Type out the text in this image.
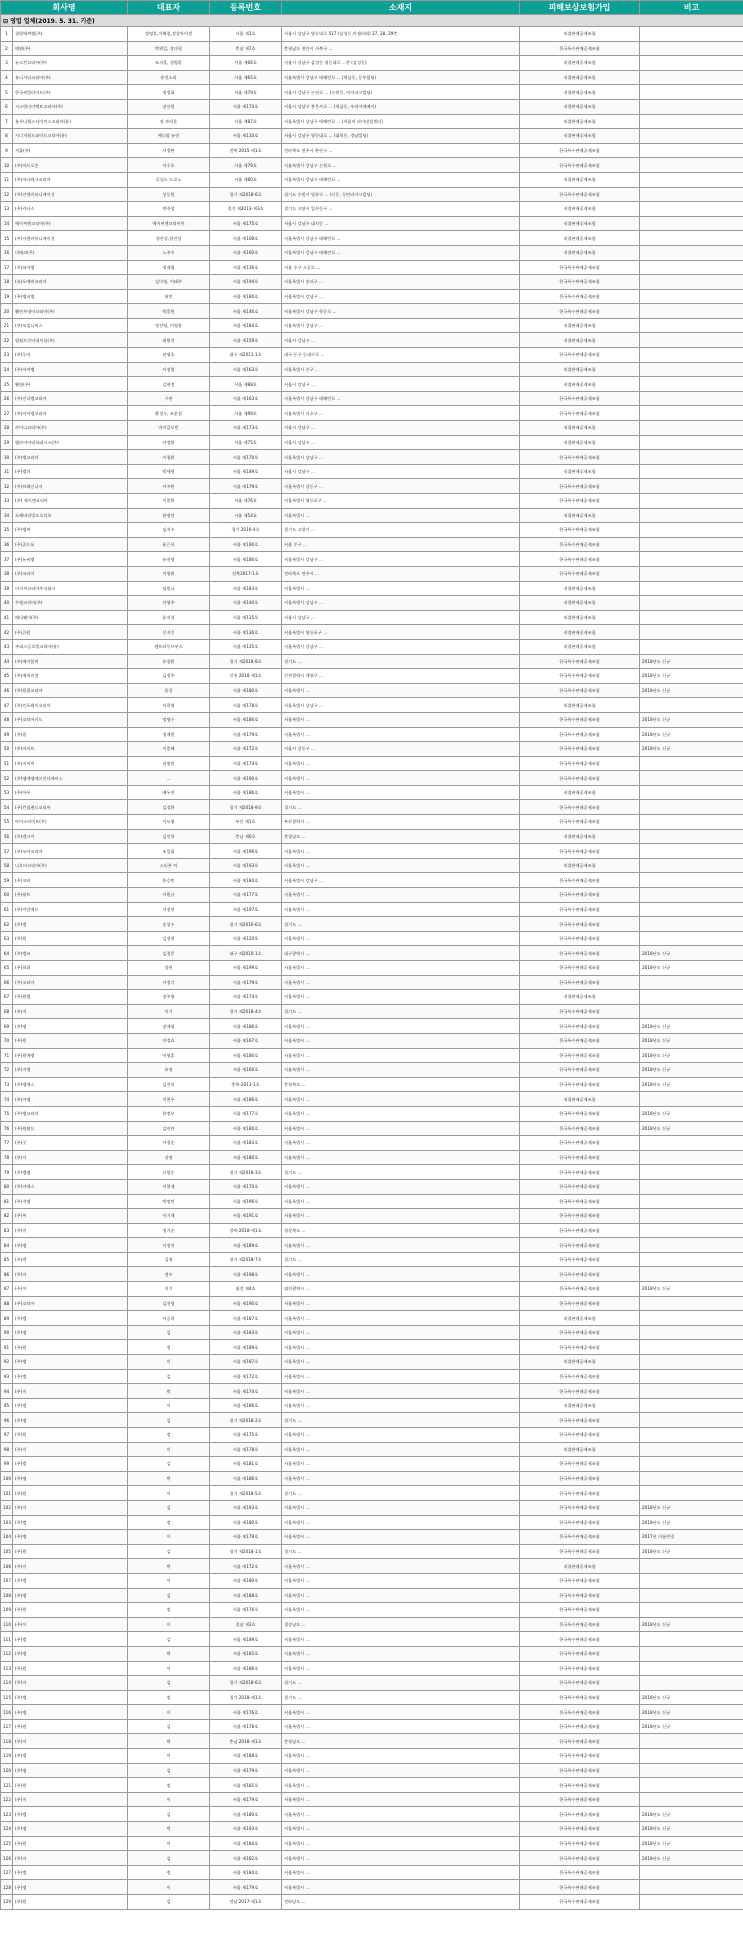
회사명		대표자	등록번호	소재지	피해보상보험가입	비고
⊟ 영업 업체(2019. 5. 31. 기준)						
1	청원애씨엠(주)	정명훈,이해철,정상아이센	서울 제1호	서울시 강남구 영동대로 517 (삼성동,아셈타워) 27, 28, 29층	직접판매공제조합	
2	애원(주)	박원일, 장다원	충남 제7호	충청남도 천안시 서북구 ...	한국특수판매공제조합	
3	뉴스킨코리아(주)	조지훈, 정영훈	서울 제66호	서울시 강남구 삼성동 영동대로 ...층 (삼성동)	직접판매공제조합	
4	유니시티코리아(주)	홍진소리	서울 제65호	서울특별시 강남구 테헤란로 ... (역삼동, 동우빌딩)	직접판매공제조합	
5	한국허벌라이프(주)	정정회	서울 제79호	서울시 강남구 논현로 ... (논현동, 아이파크빌딩)	직접판매공제조합	
6	시크릿다이렉트코리아(주)	장인원	서울 제174호	서울시 강남구 봉은사로 ... (역삼동, 우리이에메이)	직접판매공제조합	
7	유사나헬스사이언스코리아(유)	장 브라운	서울 제87호	서울특별시 강남구 테헤란로 ... (서울이 파이낸셜센터)	직접판매공제조합	
8	시너지월드와이드코리아(유)	에너렇 뉴먼	서울 제110호	서울시 강남구 영동대로 ... (대치동, 경남빌딩)	직접판매공제조합	
9	지쿱(주)	서정완	전북 2015-제1호	전라북도 전주시 완산구 ...	한국특수판매공제조합	
10	(주)아프로존	이수호	서울 제79호	서울특별시 강남구 논현로 ...	한국특수판매공제조합	
11	(주)마나테크코리아	로널드 드로노	서울 제80호	서울특별시 강남구 테헤란로 ...	직접판매공제조합	
12	(주)인앤커뮤니케이션	성동원	경기 제2018-6호	경기도 수원시 영통구 ... (신동, 동탄라이크빌딩)	한국특수판매공제조합	
13	(주)카타스	박주섭	경기 제2013-제3호	경기도 고양시 일산동구 ...	직접판매공제조합	
14	에이씨엔코리아(주)	에이씨엔코리아인	서울 제175호	서울시 강남구 대치동 ...	직접판매공제조합	
15	(주)시엔커뮤니케이션	정진성,장진성	서울 제108호	서울특별시 강남구 테헤란로 ...	직접판매공제조합	
16	미래코(주)	노주수	서울 제160호	서울특별시 강남구 테헤란로 ...	직접판매공제조합	
17	(주)하이엠	정재협	서울 제136호	서울 중구 소공로 ...	한국특수판매공제조합	
18	(유)포에버코리아	김미영, 이태주	서울 제194호	서울특별시 송파구 ...	한국특수판매공제조합	
19	(주)엠피엠	허민	서울 제180호	서울특별시 강남구 ...	한국특수판매공제조합	
20	웰린투데이코리아(주)	박종원	서울 제146호	서울특별시 강남구 학동로 ...	한국특수판매공제조합	
21	(주)모임니버스	정선영, 이형윤	서울 제184호	서울특별시 강남구 ...	직접판매공제조합	
22	원월드인터내셔널(주)	최원진	서울 제159호	서울시 강남구 ...	직접판매공제조합	
23	(주)루마	권영호	대구 제2011-1호	대구 동구 동대구로 ...	한국특수판매공제조합	
24	(주)아이멤	이정열	서울 제163호	서울특별시 중구 ...	직접판매공제조합	
25	웰링(주)	김현정	서울 제88호	서울시 강남구 ...	직접판매공제조합	
26	(주)인디엘코리아	구현	서울 제163호	서울특별시 강남구 테헤란로 ...	한국특수판매공제조합	
27	(주)아이엠코리아	황경수, 조운섭	서울 제99호	서울특별시 서초구 ...	한국특수판매공제조합	
28	카이니코리아(주)	마이클로빈	서울 제173호	서울시 강남구 ...	직접판매공제조합	
29	엠파이어리하네시스(주)	이정환	서울 제75호	서울시 강남구 ...	직접판매공제조합	
30	(주)엘코리아	이청환	서울 제170호	서울특별시 강남구 ...	한국특수판매공제조합	
31	(주)엘미	박세원	서울 제189호	서울시 강남구 ...	직접판매공제조합	
32	(주)브레인니서	이주환	서울 제179호	서울특별시 강동구 ...	한국특수판매공제조합	
33	(주) 제이엔코리아	이종환	서울 제76호	서울특별시 영등포구 ...	한국특수판매공제조합	
34	포레버리빙프로덕츠	한정연	서울 제54호	서울특별시 ...	직접판매공제조합	
35	(주)엠씨	임지수	경기 2010-4호	경기도 고양시 ...	한국특수판매공제조합	
36	(주)골드포	윤근식	서울 제190호	서울 중구 ...	한국특수판매공제조합	
37	(주)뉴비엠	유진형	서울 제180호	서울특별시 강남구 ...	한국특수판매공제조합	
38	(주)코라이	이영환	전북2017-1호	전라북도 전주시 ...	한국특수판매공제조합	
39	이지씨코리아주식회사	임원나	서울 제183호	서울특별시 ...	직접판매공제조합	
40	투엠코리아(주)	이영주	서울 제140호	서울특별시 강남구 ...	직접판매공제조합	
41	메디웨이(주)	윤지성	서울 제135호	서울시 강남구 ...	직접판매공제조합	
42	(주)큐원	신지웅	서울 제136호	서울특별시 영등포구 ...	직접판매공제조합	
43	주네스글로벌코리아(유)	켄트라투르부스	서울 제135호	서울특별시 강남구 ...	직접판매공제조합	
44	(주)에이블씨	유장환	경기 제2018-8호	경기도 ...	한국특수판매공제조합	2018년도 신규
45	(주)매직비전	김정주	인천 2018 제1호	인천광역시 계양구 ...	한국특수판매공제조합	2018년도 신규
46	(주)원위코리아	윤창	서울 제180호	서울특별시 ...	한국특수판매공제조합	2018년도 신규
47	(주)인포레인코리아	이희영	서울 제178호	서울특별시 강남구 ...	직접판매공제조합	
48	(주)코리아키드	정명수	서울 제186호	서울특별시 ...	한국특수판매공제조합	2018년도 신규
49	(주)밀	정재현	서울 제179호	서울특별시 ...	한국특수판매공제조합	2018년도 신규
50	(주)이미트	이종혜	서울 제172호	서울시 강동구 ...	한국특수판매공제조합	2018년도 신규
51	(주)지비씨	권명민	서울 제174호	서울특별시 ...	한국특수판매공제조합	
52	(주)엠에엠에프인터페이스	...	서울 제190호	서울특별시 ...	한국특수판매공제조합	
53	(주)아우	배두진	서울 제186호	서울특별시 ...	직접판매공제조합	
54	(주)킨필랜드코리아	김경환	경기 제2018-9호	경기도 ...	한국특수판매공제조합	
55	아이스라이트(주)	이도영	부산 제1호	부산광역시 ...	한국특수판매공제조합	
56	(주)엔크이	김인학	충남 제6호	충청남도 ...	직접판매공제조합	
57	(주)모아코리아	조일회	서울 제196호	서울특별시 ...	한국특수판매공제조합	
58	니오비코리아(주)	스티븐 차	서울 제193호	서울특별시 ...	직접판매공제조합	
59	(주)코비	홍승민	서울 제184호	서울특별시 강남구 ...	한국특수판매공제조합	
60	(주)월트	이원규	서울 제177호	서울특별시 ...	한국특수판매공제조합	
61	(주)이알에드	서정현	서울 제197호	서울특별시 ...	한국특수판매공제조합	
62	(주)엘	송창수	경기 제2016-6호	경기도 ...	한국특수판매공제조합	
63	(주)원	김정현	서울 제120호	서울특별시 ...	한국특수판매공제조합	
64	(주)엘쓰	김경준	대구 제2010-1호	대구광역시 ...	한국특수판매공제조합	2018년도 신규
65	(주)하위	장현	서울 제199호	서울특별시 ...	한국특수판매공제조합	2018년도 신규
66	(주)코리아	이정기	서울 제179호	서울특별시 ...	한국특수판매공제조합	
67	(주)원엘	장주영	서울 제174호	서울특별시 ...	직접판매공제조합	
68	(주)지	이기	경기 제2018-4호	경기도 ...	한국특수판매공제조합	
69	(주)엠	장재형	서울 제186호	서울특별시 ...	한국특수판매공제조합	2018년도 신규
70	(주)원	이정효	서울 제167호	서울특별시 ...	한국특수판매공제조합	2018년도 신규
71	(주)원에엠	이영훈	서울 제180호	서울특별시 ...	한국특수판매공제조합	2018년도 신규
72	(주)지엠	유정	서울 제160호	서울특별시 ...	한국특수판매공제조합	2018년도 신규
73	(주)엠에스	김진희	충북-2013-1호	충청북도 ...	한국특수판매공제조합	2018년도 신규
74	(주)이엠	이현우	서울 제186호	서울특별시 ...	직접판매공제조합	
75	(주)엠코리아	한정우	서울 제177호	서울특별시 ...	한국특수판매공제조합	2018년도 신규
76	(주)원월드	김미란	서울 제180호	서울특별시 ...	한국특수판매공제조합	2018년도 신규
77	(주)굿	이정운	서울 제183호	서울특별시 ...	한국특수판매공제조합	
78	(주)시	장정	서울 제180호	서울특별시 ...	한국특수판매공제조합	
79	(주)엘엠	신광순	경기 제2018-3호	경기도 ...	한국특수판매공제조합	
80	(주)이에스	이현재	서울 제170호	서울특별시 ...	한국특수판매공제조합	
81	(주)지엠	박정민	서울 제196호	서울특별시 ...	한국특수판매공제조합	
82	(주)씨	이기재	서울 제191호	서울특별시 ...	한국특수판매공제조합	
83	(주)미	정기순	경북-2018-제1호	경상북도 ...	한국특수판매공제조합	
84	(주)엠	이정진	서울 제189호	서울특별시 ...	한국특수판매공제조합	
85	(주)엔	김정	경기 제2018-7호	경기도 ...	한국특수판매공제조합	
86	(주)이	정우	서울 제198호	서울특별시 ...	한국특수판매공제조합	
87	(주)이	이기	대전 제4호	대전광역시 ...	한국특수판매공제조합	2018년도 신규
88	(주)코리아	김진영	서울 제190호	서울특별시 ...	한국특수판매공제조합	
89	(주)엘	이승희	서울 제187호	서울특별시 ...	직접판매공제조합	
90	(주)엠	김	서울 제183호	서울특별시 ...	한국특수판매공제조합	
91	(주)원	정	서울 제189호	서울특별시 ...	한국특수판매공제조합	
92	(주)엠	이	서울 제187호	서울특별시 ...	직접판매공제조합	
93	(주)엘	김	서울 제172호	서울특별시 ...	한국특수판매공제조합	
94	(주)이	박	서울 제174호	서울특별시 ...	한국특수판매공제조합	
95	(주)엘	이	서울 제186호	서울특별시 ...	직접판매공제조합	
96	(주)엠	김	경기 제2018-2호	경기도 ...	한국특수판매공제조합	
97	(주)원	정	서울 제175호	서울특별시 ...	한국특수판매공제조합	
98	(주)이	이	서울 제178호	서울특별시 ...	직접판매공제조합	
99	(주)엘	김	서울 제181호	서울특별시 ...	한국특수판매공제조합	
100	(주)엠	박	서울 제186호	서울특별시 ...	한국특수판매공제조합	
101	(주)원	이	경기 제2018-5호	경기도 ...	한국특수판매공제조합	
102	(주)이	김	서울 제193호	서울특별시 ...	한국특수판매공제조합	2018년도 신규
103	(주)엘	정	서울 제180호	서울특별시 ...	한국특수판매공제조합	2018년도 신규
104	(주)엠	이	서울 제179호	서울특별시 ...	한국특수판매공제조합	2017년 이름변경
105	(주)원	김	경기 제2018-1호	경기도 ...	한국특수판매공제조합	2018년도 신규
106	(주)이	박	서울 제172호	서울특별시 ...	직접판매공제조합	
107	(주)엘	이	서울 제180호	서울특별시 ...	한국특수판매공제조합	
108	(주)엠	김	서울 제188호	서울특별시 ...	한국특수판매공제조합	
109	(주)원	정	서울 제176호	서울특별시 ...	한국특수판매공제조합	
110	(주)이	이	경남 제3호	경상남도 ...	한국특수판매공제조합	2018년도 신규
111	(주)엘	김	서울 제189호	서울특별시 ...	한국특수판매공제조합	
112	(주)엠	박	서울 제185호	서울특별시 ...	한국특수판매공제조합	
113	(주)원	이	서울 제186호	서울특별시 ...	한국특수판매공제조합	
114	(주)이	김	경기 제2018-6호	경기도 ...	한국특수판매공제조합	
115	(주)엘	정	경기 2018-제1호	경기도 ...	한국특수판매공제조합	2018년도 신규
116	(주)엠	이	서울 제176호	서울특별시 ...	한국특수판매공제조합	2018년도 신규
117	(주)원	김	서울 제178호	서울특별시 ...	한국특수판매공제조합	2018년도 신규
118	(주)이	박	충남 2018-제1호	충청남도 ...	한국특수판매공제조합	
119	(주)엘	이	서울 제188호	서울특별시 ...	한국특수판매공제조합	
120	(주)엠	김	서울 제179호	서울특별시 ...	한국특수판매공제조합	
121	(주)원	정	서울 제181호	서울특별시 ...	한국특수판매공제조합	
122	(주)이	이	서울 제179호	서울특별시 ...	한국특수판매공제조합	
123	(주)엘	김	서울 제180호	서울특별시 ...	한국특수판매공제조합	2018년도 신규
124	(주)엠	박	서울 제193호	서울특별시 ...	한국특수판매공제조합	2018년도 신규
125	(주)원	이	서울 제184호	서울특별시 ...	한국특수판매공제조합	2018년도 신규
126	(주)이	김	서울 제182호	서울특별시 ...	한국특수판매공제조합	2018년도 신규
127	(주)엘	정	서울 제184호	서울특별시 ...	한국특수판매공제조합	
128	(주)엠	이	서울 제179호	서울특별시 ...	한국특수판매공제조합	
129	(주)원	김	전남 2017-제1호	전라남도 ...	한국특수판매공제조합	
